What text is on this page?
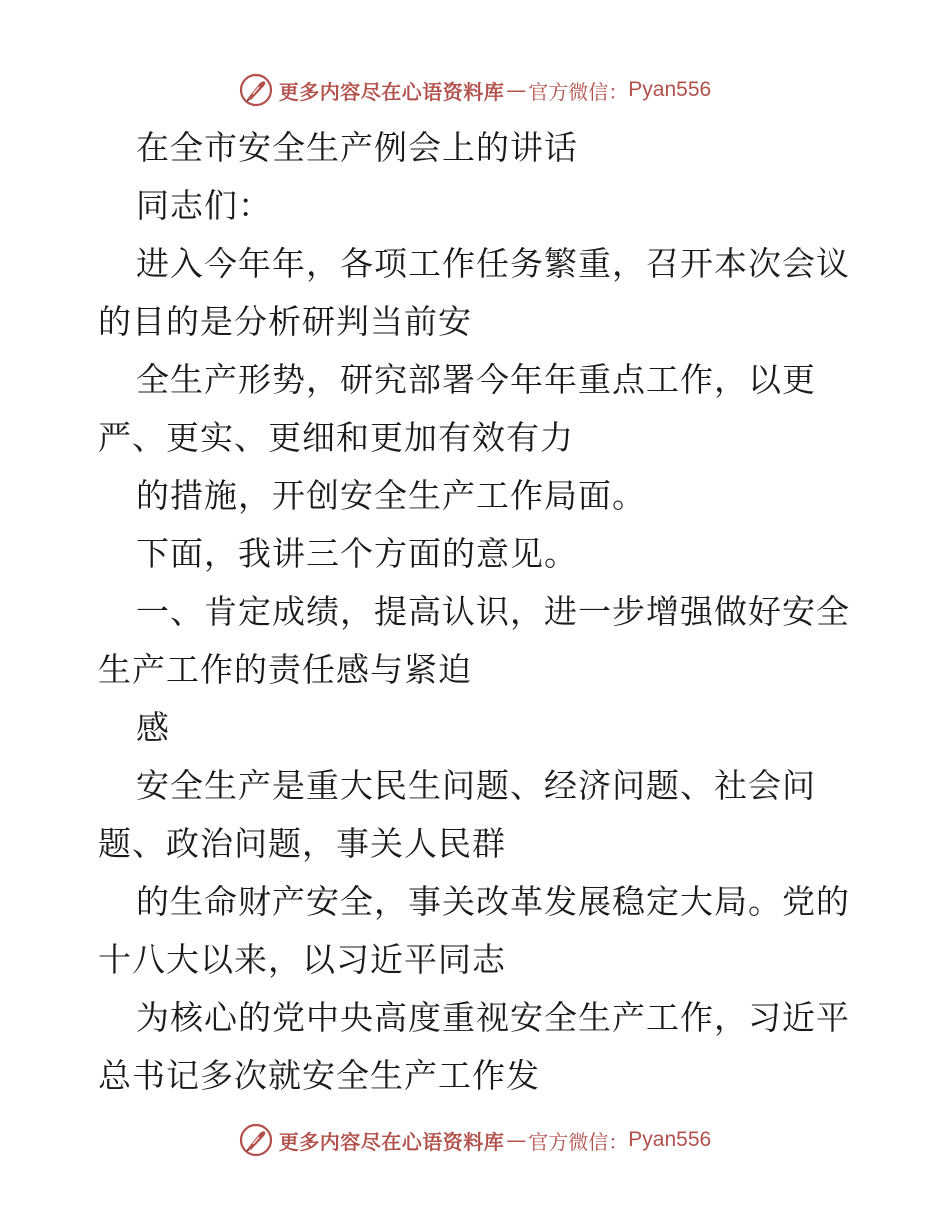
更多内容尽在心语资料库 — 官方微信： Pyan556
在全市安全生产例会上的讲话
同志们：
进入今年年，各项工作任务繁重，召开本次会议
的目的是分析研判当前安
全生产形势，研究部署今年年重点工作，以更
严、更实、更细和更加有效有力
的措施，开创安全生产工作局面。
下面，我讲三个方面的意见。
一、肯定成绩，提高认识，进一步增强做好安全
生产工作的责任感与紧迫
感
安全生产是重大民生问题、经济问题、社会问
题、政治问题，事关人民群
的生命财产安全，事关改革发展稳定大局。党的
十八大以来，以习近平同志
为核心的党中央高度重视安全生产工作，习近平
总书记多次就安全生产工作发
更多内容尽在心语资料库 — 官方微信： Pyan556
